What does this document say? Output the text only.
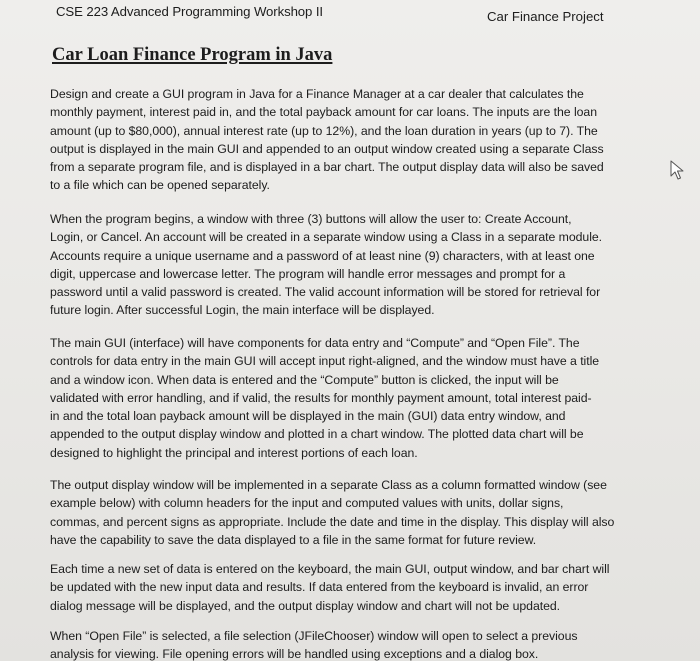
CSE 223 Advanced Programming Workshop II	Car Finance Project
Car Loan Finance Program in Java

Design and create a GUI program in Java for a Finance Manager at a car dealer that calculates the
monthly payment, interest paid in, and the total payback amount for car loans. The inputs are the loan
amount (up to $80,000), annual interest rate (up to 12%), and the loan duration in years (up to 7). The
output is displayed in the main GUI and appended to an output window created using a separate Class
from a separate program file, and is displayed in a bar chart. The output display data will also be saved
to a file which can be opened separately.

When the program begins, a window with three (3) buttons will allow the user to: Create Account,
Login, or Cancel. An account will be created in a separate window using a Class in a separate module.
Accounts require a unique username and a password of at least nine (9) characters, with at least one
digit, uppercase and lowercase letter. The program will handle error messages and prompt for a
password until a valid password is created. The valid account information will be stored for retrieval for
future login. After successful Login, the main interface will be displayed.

The main GUI (interface) will have components for data entry and “Compute” and “Open File”. The
controls for data entry in the main GUI will accept input right-aligned, and the window must have a title
and a window icon. When data is entered and the “Compute” button is clicked, the input will be
validated with error handling, and if valid, the results for monthly payment amount, total interest paid-
in and the total loan payback amount will be displayed in the main (GUI) data entry window, and
appended to the output display window and plotted in a chart window. The plotted data chart will be
designed to highlight the principal and interest portions of each loan.

The output display window will be implemented in a separate Class as a column formatted window (see
example below) with column headers for the input and computed values with units, dollar signs,
commas, and percent signs as appropriate. Include the date and time in the display. This display will also
have the capability to save the data displayed to a file in the same format for future review.

Each time a new set of data is entered on the keyboard, the main GUI, output window, and bar chart will
be updated with the new input data and results. If data entered from the keyboard is invalid, an error
dialog message will be displayed, and the output display window and chart will not be updated.

When “Open File” is selected, a file selection (JFileChooser) window will open to select a previous
analysis for viewing. File opening errors will be handled using exceptions and a dialog box.
